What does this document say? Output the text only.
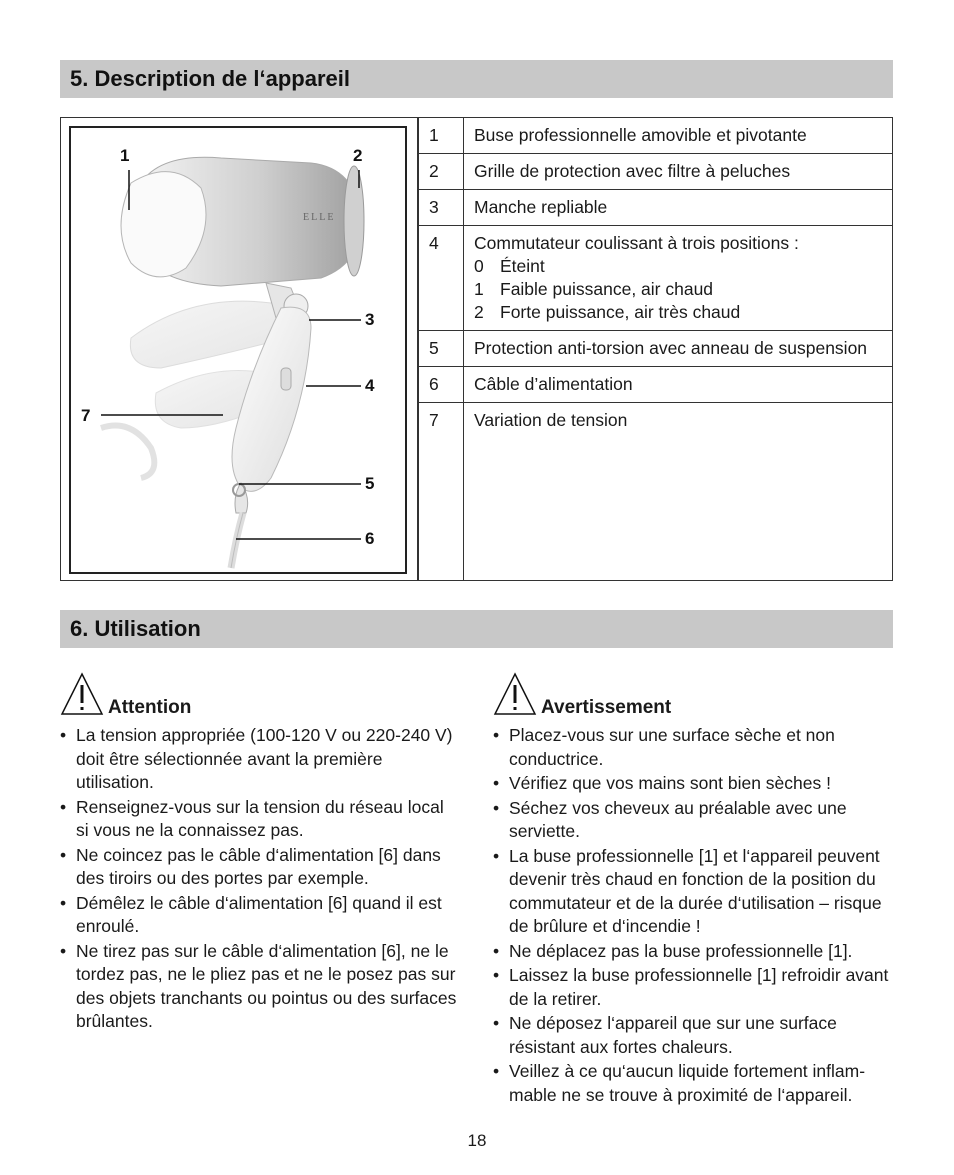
5. Description de l‘appareil
ELLE
1	2
3
4
7
5
6
1	Buse professionnelle amovible et pivotante
2	Grille de protection avec filtre à peluches
3	Manche repliable
4	Commutateur coulissant à trois positions :
0 Éteint
1 Faible puissance, air chaud
2 Forte puissance, air très chaud

5	Protection anti-torsion avec anneau de suspension
6	Câble d’alimentation
7	Variation de tension
6. Utilisation
Attention
• La tension appropriée (100-120 V ou 220-240 V) doit être sélectionnée avant la première utilisation.
• Renseignez-vous sur la tension du réseau local si vous ne la connaissez pas.
• Ne coincez pas le câble d‘alimentation [6] dans des tiroirs ou des portes par exemple.
• Démêlez le câble d‘alimentation [6] quand il est enroulé.
• Ne tirez pas sur le câble d‘alimentation [6], ne le tordez pas, ne le pliez pas et ne le posez pas sur des objets tranchants ou pointus ou des surfaces brûlantes.
Avertissement
• Placez-vous sur une surface sèche et non conductrice.
• Vérifiez que vos mains sont bien sèches !
• Séchez vos cheveux au préalable avec une serviette.
• La buse professionnelle [1] et l‘appareil peuvent devenir très chaud en fonction de la position du commutateur et de la durée d‘utilisation – risque de brûlure et d‘incendie !
• Ne déplacez pas la buse professionnelle [1].
• Laissez la buse professionnelle [1] refroidir avant de la retirer.
• Ne déposez l‘appareil que sur une surface résistant aux fortes chaleurs.
• Veillez à ce qu‘aucun liquide fortement inflam-mable ne se trouve à proximité de l‘appareil.
18
